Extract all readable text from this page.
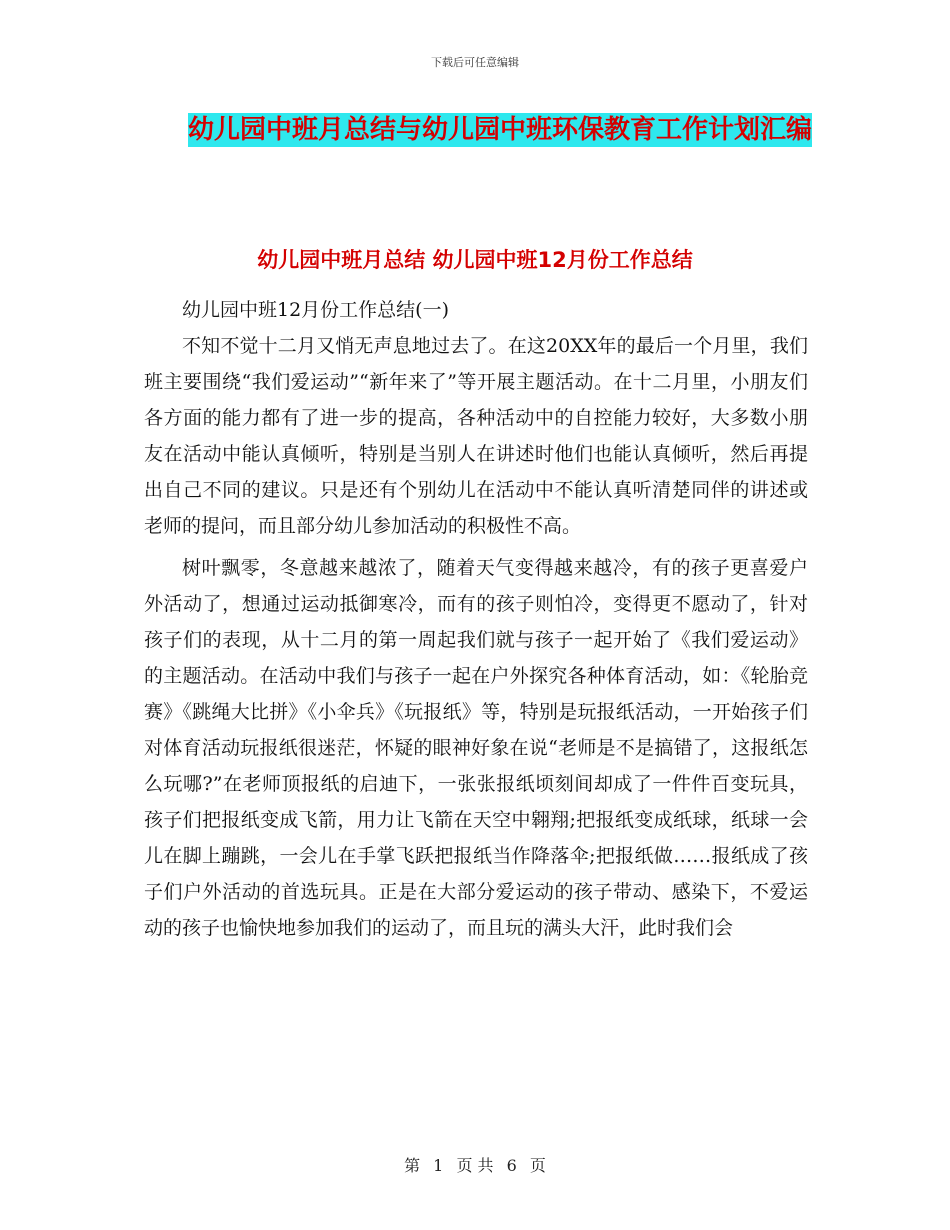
下载后可任意编辑
幼儿园中班月总结与幼儿园中班环保教育工作计划汇编
幼儿园中班月总结 幼儿园中班12月份工作总结

幼儿园中班12月份工作总结(一)

不知不觉十二月又悄无声息地过去了。在这20XX年的最后一个月里，我们班主要围绕“我们爱运动”“新年来了”等开展主题活动。在十二月里，小朋友们各方面的能力都有了进一步的提高，各种活动中的自控能力较好，大多数小朋友在活动中能认真倾听，特别是当别人在讲述时他们也能认真倾听，然后再提出自己不同的建议。只是还有个别幼儿在活动中不能认真听清楚同伴的讲述或老师的提问，而且部分幼儿参加活动的积极性不高。

树叶飘零，冬意越来越浓了，随着天气变得越来越冷，有的孩子更喜爱户外活动了，想通过运动抵御寒冷，而有的孩子则怕冷，变得更不愿动了，针对孩子们的表现，从十二月的第一周起我们就与孩子一起开始了《我们爱运动》的主题活动。在活动中我们与孩子一起在户外探究各种体育活动，如：《轮胎竞赛》《跳绳大比拼》《小伞兵》《玩报纸》等，特别是玩报纸活动，一开始孩子们对体育活动玩报纸很迷茫，怀疑的眼神好象在说“老师是不是搞错了，这报纸怎么玩哪?”在老师顶报纸的启迪下，一张张报纸顷刻间却成了一件件百变玩具，孩子们把报纸变成飞箭，用力让飞箭在天空中翱翔;把报纸变成纸球，纸球一会儿在脚上蹦跳，一会儿在手掌飞跃把报纸当作降落伞;把报纸做……报纸成了孩子们户外活动的首选玩具。正是在大部分爱运动的孩子带动、感染下，不爱运动的孩子也愉快地参加我们的运动了，而且玩的满头大汗，此时我们会

第 1 页 共 6 页
